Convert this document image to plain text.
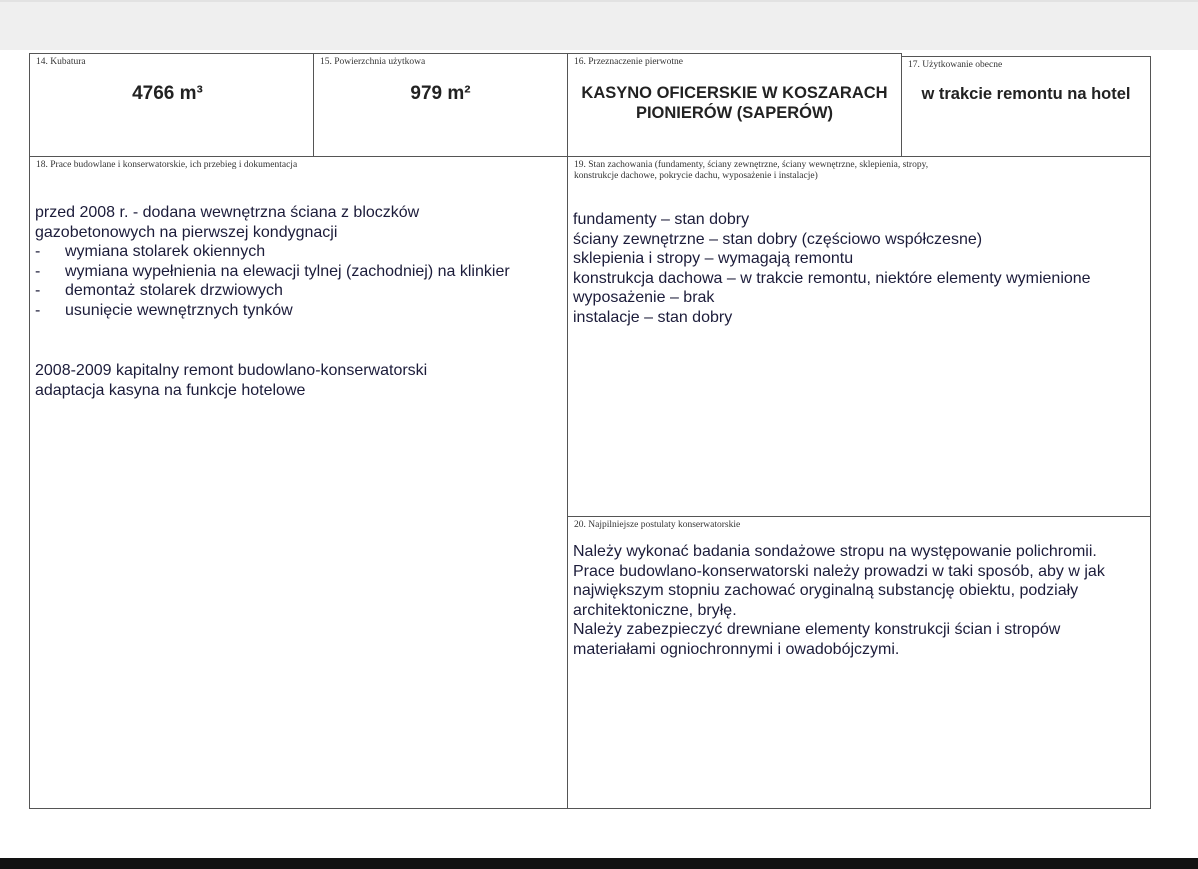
14. Kubatura
4766 m³
15. Powierzchnia użytkowa
979 m²
16. Przeznaczenie pierwotne
KASYNO OFICERSKIE W KOSZARACH
PIONIERÓW (SAPERÓW)
17. Użytkowanie obecne
w trakcie remontu na hotel
18. Prace budowlane i konserwatorskie, ich przebieg i dokumentacja
przed 2008 r. - dodana wewnętrzna ściana z bloczków
gazobetonowych na pierwszej kondygnacji
- wymiana stolarek okiennych
- wymiana wypełnienia na elewacji tylnej (zachodniej) na klinkier
- demontaż stolarek drzwiowych
- usunięcie wewnętrznych tynków
2008-2009 kapitalny remont budowlano-konserwatorski
adaptacja kasyna na funkcje hotelowe
19. Stan zachowania (fundamenty, ściany zewnętrzne, ściany wewnętrzne, sklepienia, stropy,
konstrukcje dachowe, pokrycie dachu, wyposażenie i instalacje)
fundamenty – stan dobry
ściany zewnętrzne – stan dobry (częściowo współczesne)
sklepienia i stropy – wymagają remontu
konstrukcja dachowa – w trakcie remontu, niektóre elementy wymienione
wyposażenie – brak
instalacje – stan dobry
20. Najpilniejsze postulaty konserwatorskie
Należy wykonać badania sondażowe stropu na występowanie polichromii.
Prace budowlano-konserwatorski należy prowadzi w taki sposób, aby w jak
największym stopniu zachować oryginalną substancję obiektu, podziały
architektoniczne, bryłę.
Należy zabezpieczyć drewniane elementy konstrukcji ścian i stropów
materiałami ogniochronnymi i owadobójczymi.
